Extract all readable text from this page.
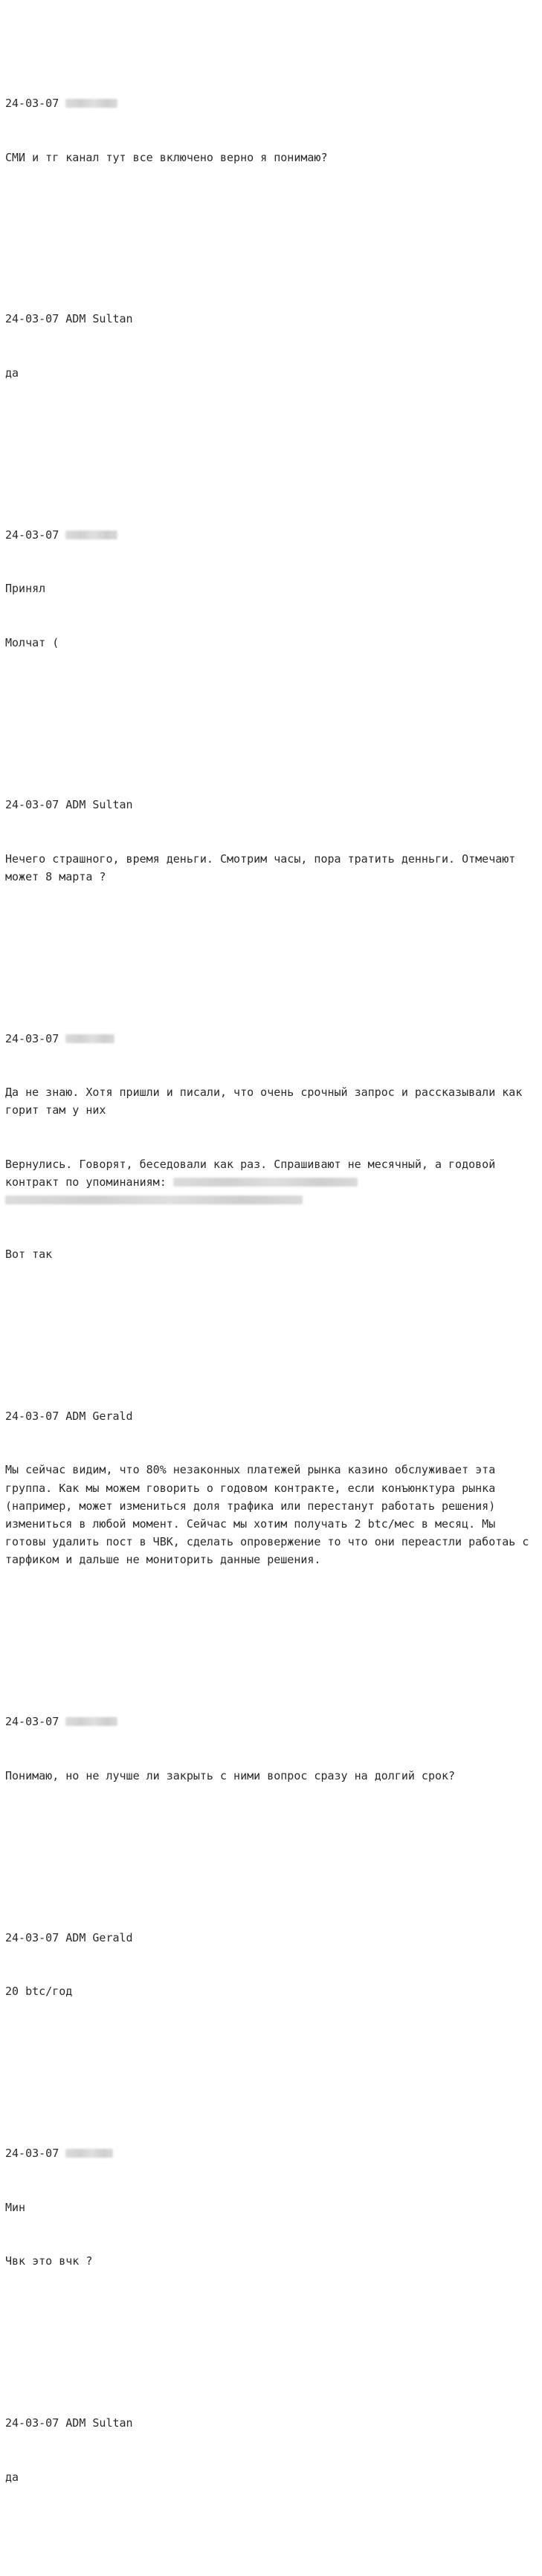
24-03-07

СМИ и тг канал тут все включено верно я понимаю?

24-03-07 ADM Sultan

да

24-03-07

Принял

Молчат (

24-03-07 ADM Sultan

Нечего страшного, время деньги. Смотрим часы, пора тратить денньги. Отмечают может 8 марта ?

24-03-07

Да не знаю. Хотя пришли и писали, что очень срочный запрос и рассказывали как горит там у них

Вернулись. Говорят, беседовали как раз. Спрашивают не месячный, а годовой контракт по упоминаниям:

Вот так

24-03-07 ADM Gerald

Мы сейчас видим, что 80% незаконных платежей рынка казино обслуживает эта группа. Как мы можем говорить о годовом контракте, если конъюнктура рынка (например, может измениться доля трафика или перестанут работать решения) измениться в любой момент. Сейчас мы хотим получать 2 btc/мес в месяц. Мы готовы удалить пост в ЧВК, сделать опровержение то что они переастли работаь с тарфиком и дальше не мониторить данные решения.

24-03-07

Понимаю, но не лучше ли закрыть с ними вопрос сразу на долгий срок?

24-03-07 ADM Gerald

20 btc/год

24-03-07

Мин

Чвк это вчк ?

24-03-07 ADM Sultan

да
